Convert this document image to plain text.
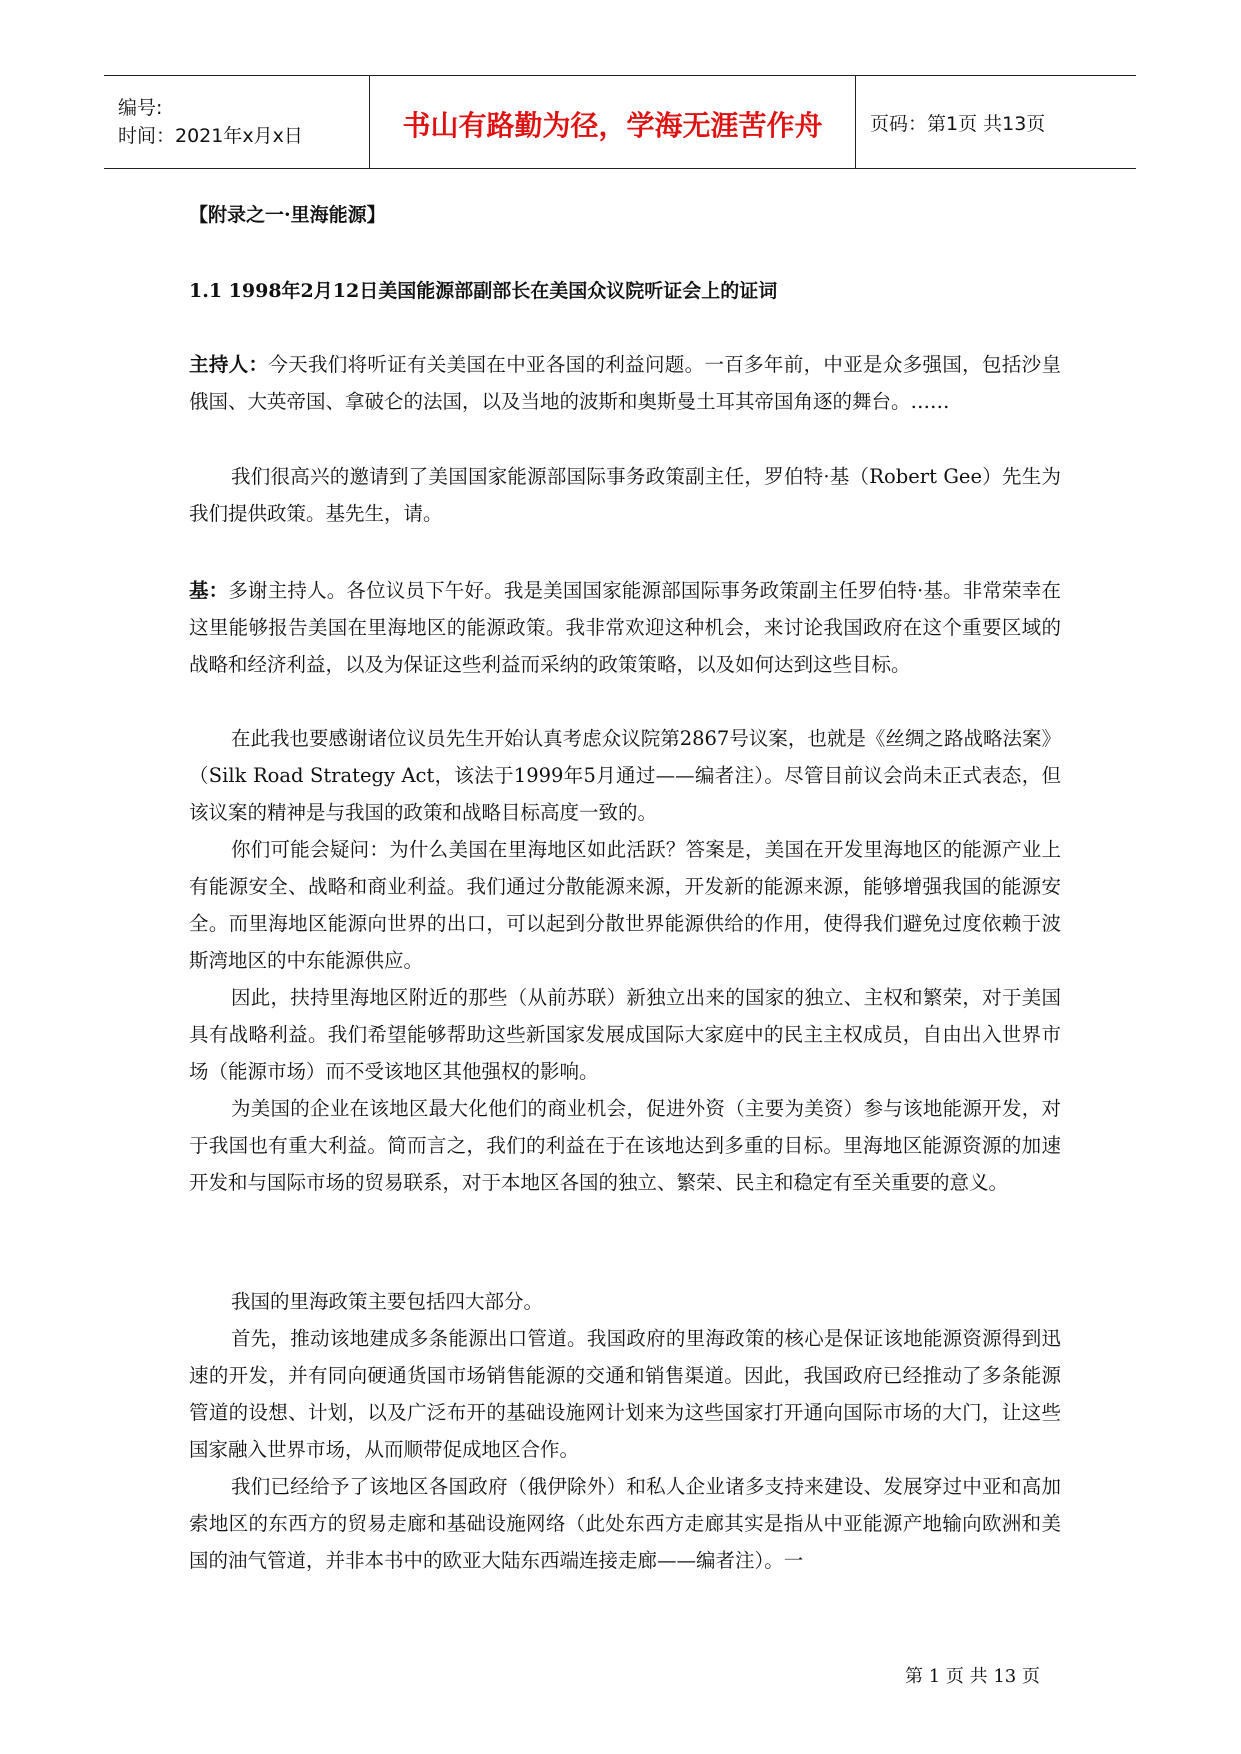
编号:
时间：2021年x月x日	书山有路勤为径，学海无涯苦作舟	页码：第1页 共13页
【附录之一·里海能源】
1.1 1998年2月12日美国能源部副部长在美国众议院听证会上的证词

主持人：今天我们将听证有关美国在中亚各国的利益问题。一百多年前，中亚是众多强国，包括沙皇俄国、大英帝国、拿破仑的法国，以及当地的波斯和奥斯曼土耳其帝国角逐的舞台。……

我们很高兴的邀请到了美国国家能源部国际事务政策副主任，罗伯特·基（Robert Gee）先生为我们提供政策。基先生，请。

基：多谢主持人。各位议员下午好。我是美国国家能源部国际事务政策副主任罗伯特·基。非常荣幸在这里能够报告美国在里海地区的能源政策。我非常欢迎这种机会，来讨论我国政府在这个重要区域的战略和经济利益，以及为保证这些利益而采纳的政策策略，以及如何达到这些目标。

在此我也要感谢诸位议员先生开始认真考虑众议院第2867号议案，也就是《丝绸之路战略法案》（Silk Road Strategy Act，该法于1999年5月通过——编者注）。尽管目前议会尚未正式表态，但该议案的精神是与我国的政策和战略目标高度一致的。

你们可能会疑问：为什么美国在里海地区如此活跃？答案是，美国在开发里海地区的能源产业上有能源安全、战略和商业利益。我们通过分散能源来源，开发新的能源来源，能够增强我国的能源安全。而里海地区能源向世界的出口，可以起到分散世界能源供给的作用，使得我们避免过度依赖于波斯湾地区的中东能源供应。

因此，扶持里海地区附近的那些（从前苏联）新独立出来的国家的独立、主权和繁荣，对于美国具有战略利益。我们希望能够帮助这些新国家发展成国际大家庭中的民主主权成员，自由出入世界市场（能源市场）而不受该地区其他强权的影响。

为美国的企业在该地区最大化他们的商业机会，促进外资（主要为美资）参与该地能源开发，对于我国也有重大利益。简而言之，我们的利益在于在该地达到多重的目标。里海地区能源资源的加速开发和与国际市场的贸易联系，对于本地区各国的独立、繁荣、民主和稳定有至关重要的意义。

我国的里海政策主要包括四大部分。

首先，推动该地建成多条能源出口管道。我国政府的里海政策的核心是保证该地能源资源得到迅速的开发，并有同向硬通货国市场销售能源的交通和销售渠道。因此，我国政府已经推动了多条能源管道的设想、计划，以及广泛布开的基础设施网计划来为这些国家打开通向国际市场的大门，让这些国家融入世界市场，从而顺带促成地区合作。

我们已经给予了该地区各国政府（俄伊除外）和私人企业诸多支持来建设、发展穿过中亚和高加索地区的东西方的贸易走廊和基础设施网络（此处东西方走廊其实是指从中亚能源产地输向欧洲和美国的油气管道，并非本书中的欧亚大陆东西端连接走廊——编者注）。一

第 1 页 共 13 页
